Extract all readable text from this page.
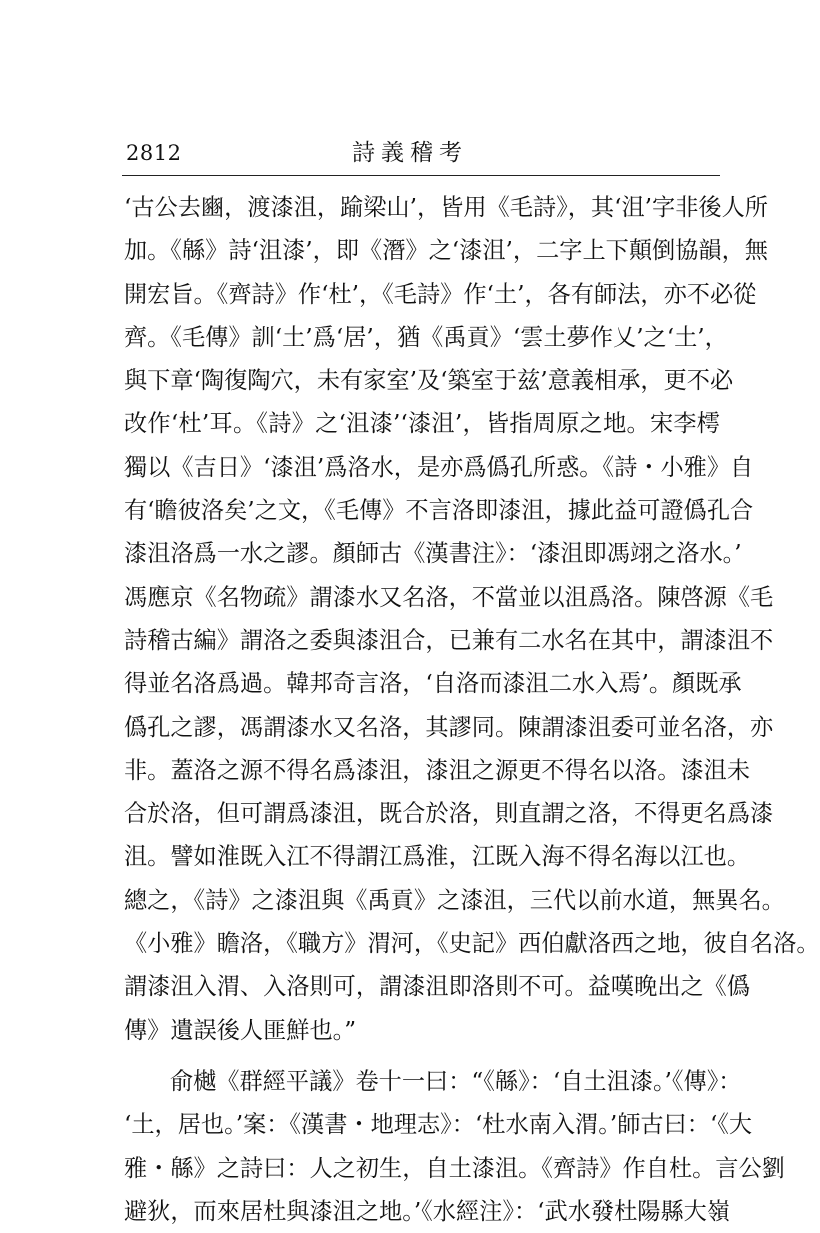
2812	詩義稽考
‘古公去豳，渡漆沮，踰梁山’，皆用《毛詩》，其‘沮’字非後人所
加。《緜》詩‘沮漆’，即《潛》之‘漆沮’，二字上下顛倒協韻，無
開宏旨。《齊詩》作‘杜’，《毛詩》作‘土’，各有師法，亦不必從
齊。《毛傳》訓‘土’爲‘居’，猶《禹貢》‘雲土夢作乂’之‘土’，
與下章‘陶復陶穴，未有家室’及‘築室于兹’意義相承，更不必
改作‘杜’耳。《詩》之‘沮漆’‘漆沮’，皆指周原之地。宋李樗
獨以《吉日》‘漆沮’爲洛水，是亦爲僞孔所惑。《詩・小雅》自
有‘瞻彼洛矣’之文，《毛傳》不言洛即漆沮，據此益可證僞孔合
漆沮洛爲一水之謬。顏師古《漢書注》：‘漆沮即馮翊之洛水。’
馮應京《名物疏》謂漆水又名洛，不當並以沮爲洛。陳啓源《毛
詩稽古編》謂洛之委與漆沮合，已兼有二水名在其中，謂漆沮不
得並名洛爲過。韓邦奇言洛，‘自洛而漆沮二水入焉’。顏既承
僞孔之謬，馮謂漆水又名洛，其謬同。陳謂漆沮委可並名洛，亦
非。蓋洛之源不得名爲漆沮，漆沮之源更不得名以洛。漆沮未
合於洛，但可謂爲漆沮，既合於洛，則直謂之洛，不得更名爲漆
沮。譬如淮既入江不得謂江爲淮，江既入海不得名海以江也。
總之，《詩》之漆沮與《禹貢》之漆沮，三代以前水道，無異名。
《小雅》瞻洛，《職方》渭河，《史記》西伯獻洛西之地，彼自名洛。
謂漆沮入渭、入洛則可，謂漆沮即洛則不可。益嘆晚出之《僞
傳》遺誤後人匪鮮也。”
俞樾《群經平議》卷十一曰：“《緜》：‘自土沮漆。’《傳》：
‘土，居也。’案：《漢書・地理志》：‘杜水南入渭。’師古曰：‘《大
雅・緜》之詩曰：人之初生，自土漆沮。《齊詩》作自杜。言公劉
避狄，而來居杜與漆沮之地。’《水經注》：‘武水發杜陽縣大嶺
